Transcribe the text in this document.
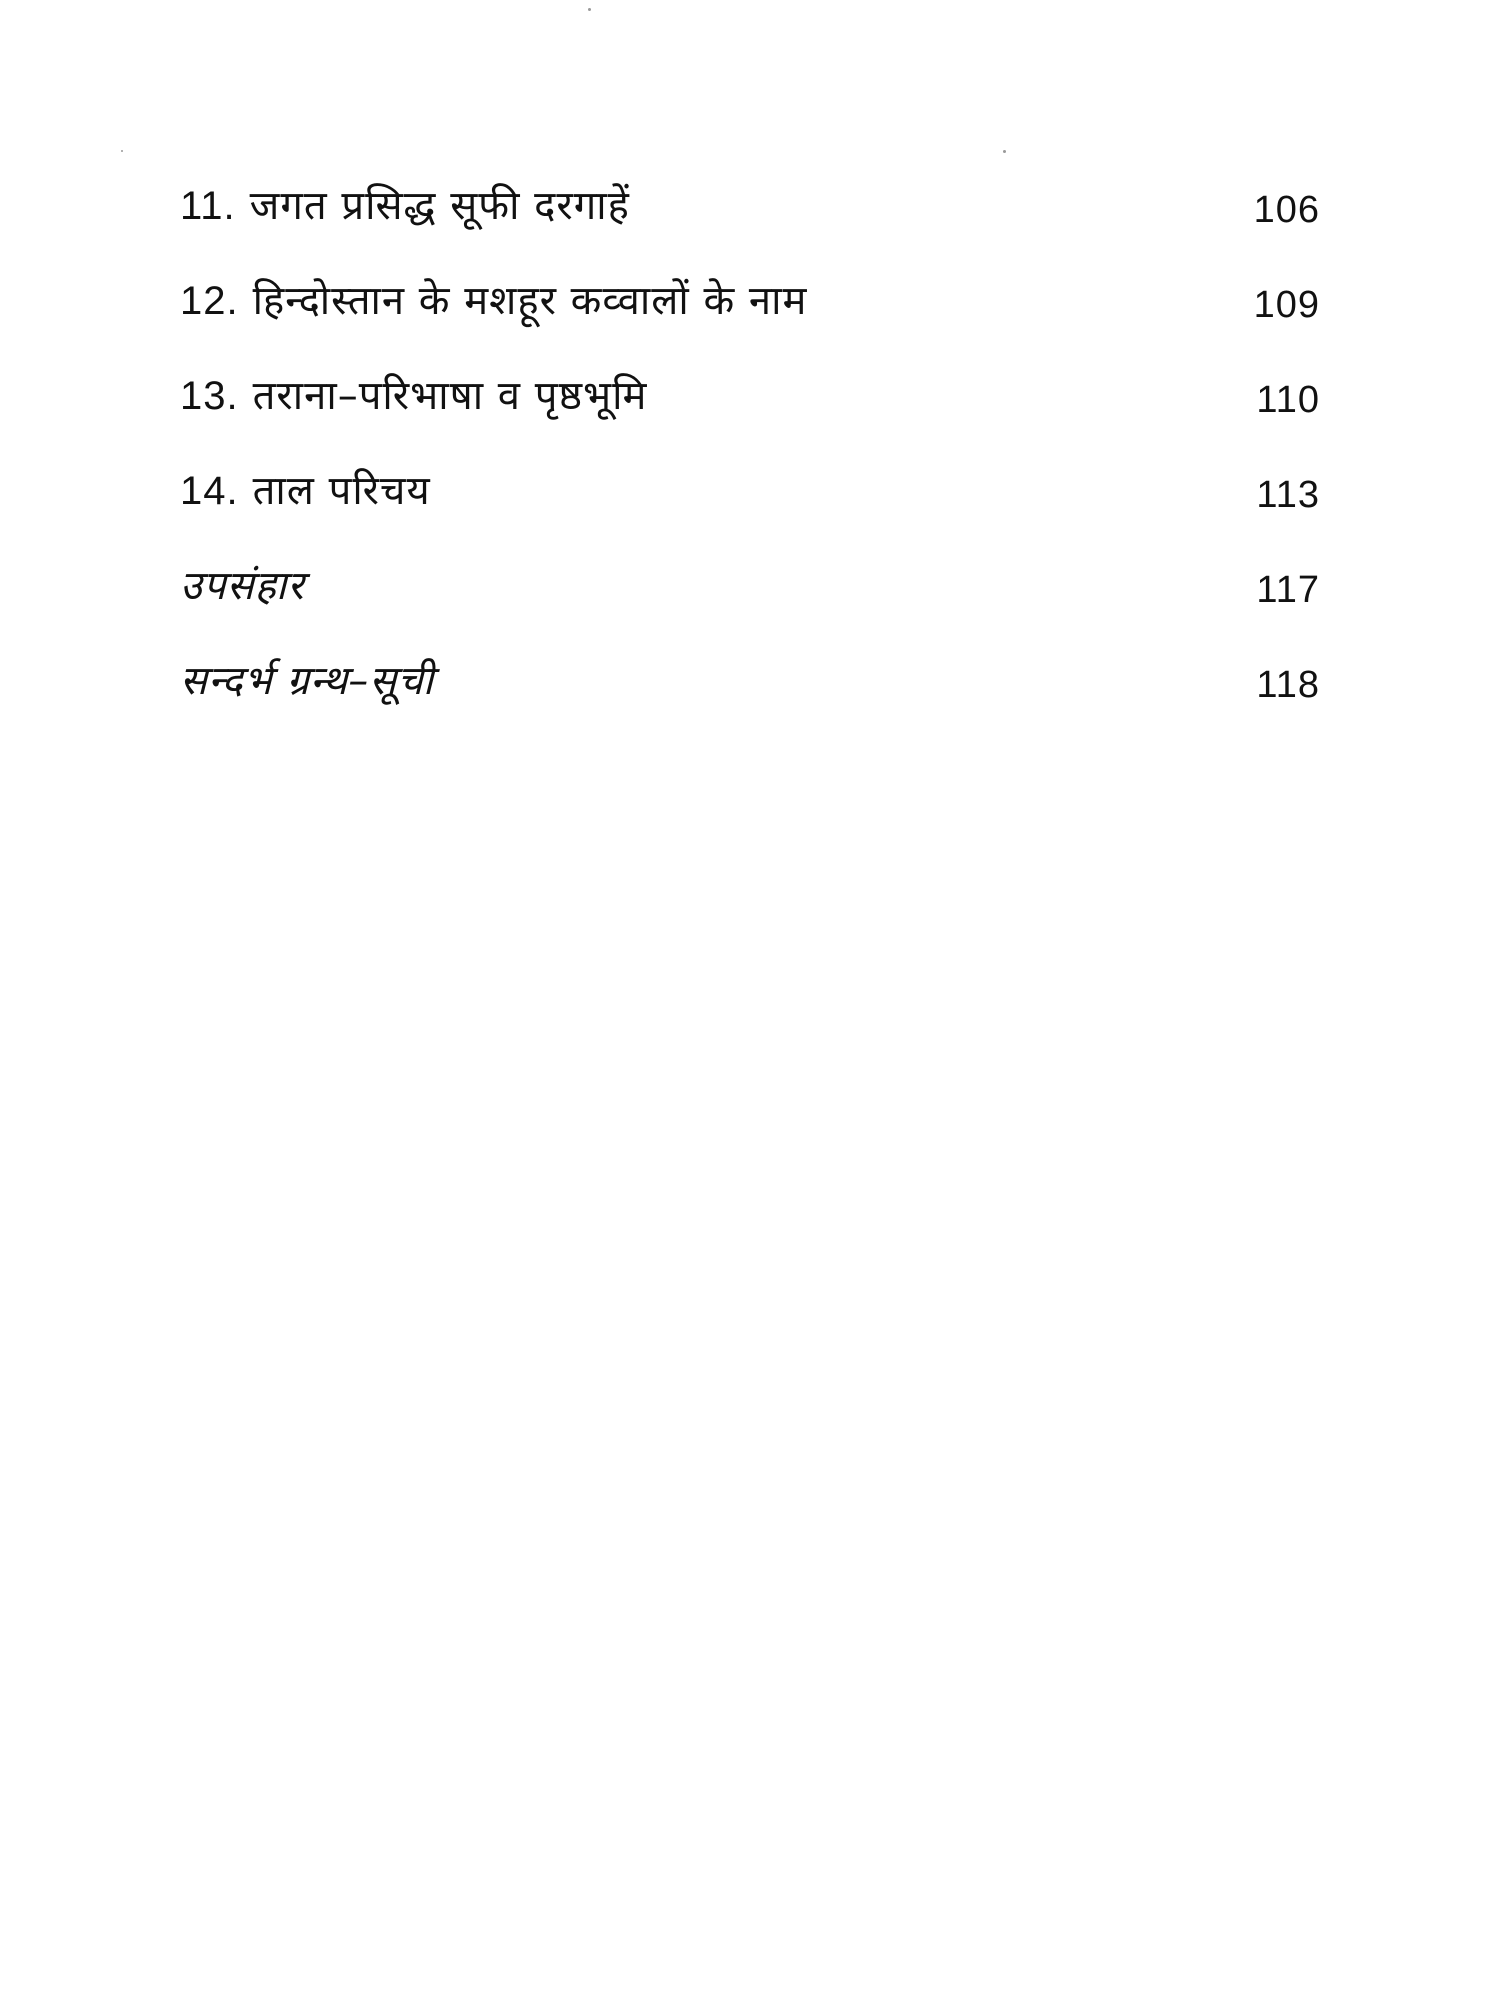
11. जगत प्रसिद्ध सूफी दरगाहें	106
12. हिन्दोस्तान के मशहूर कव्वालों के नाम	109
13. तराना–परिभाषा व पृष्ठभूमि	110
14. ताल परिचय	113
उपसंहार	117
सन्दर्भ ग्रन्थ–सूची	118
